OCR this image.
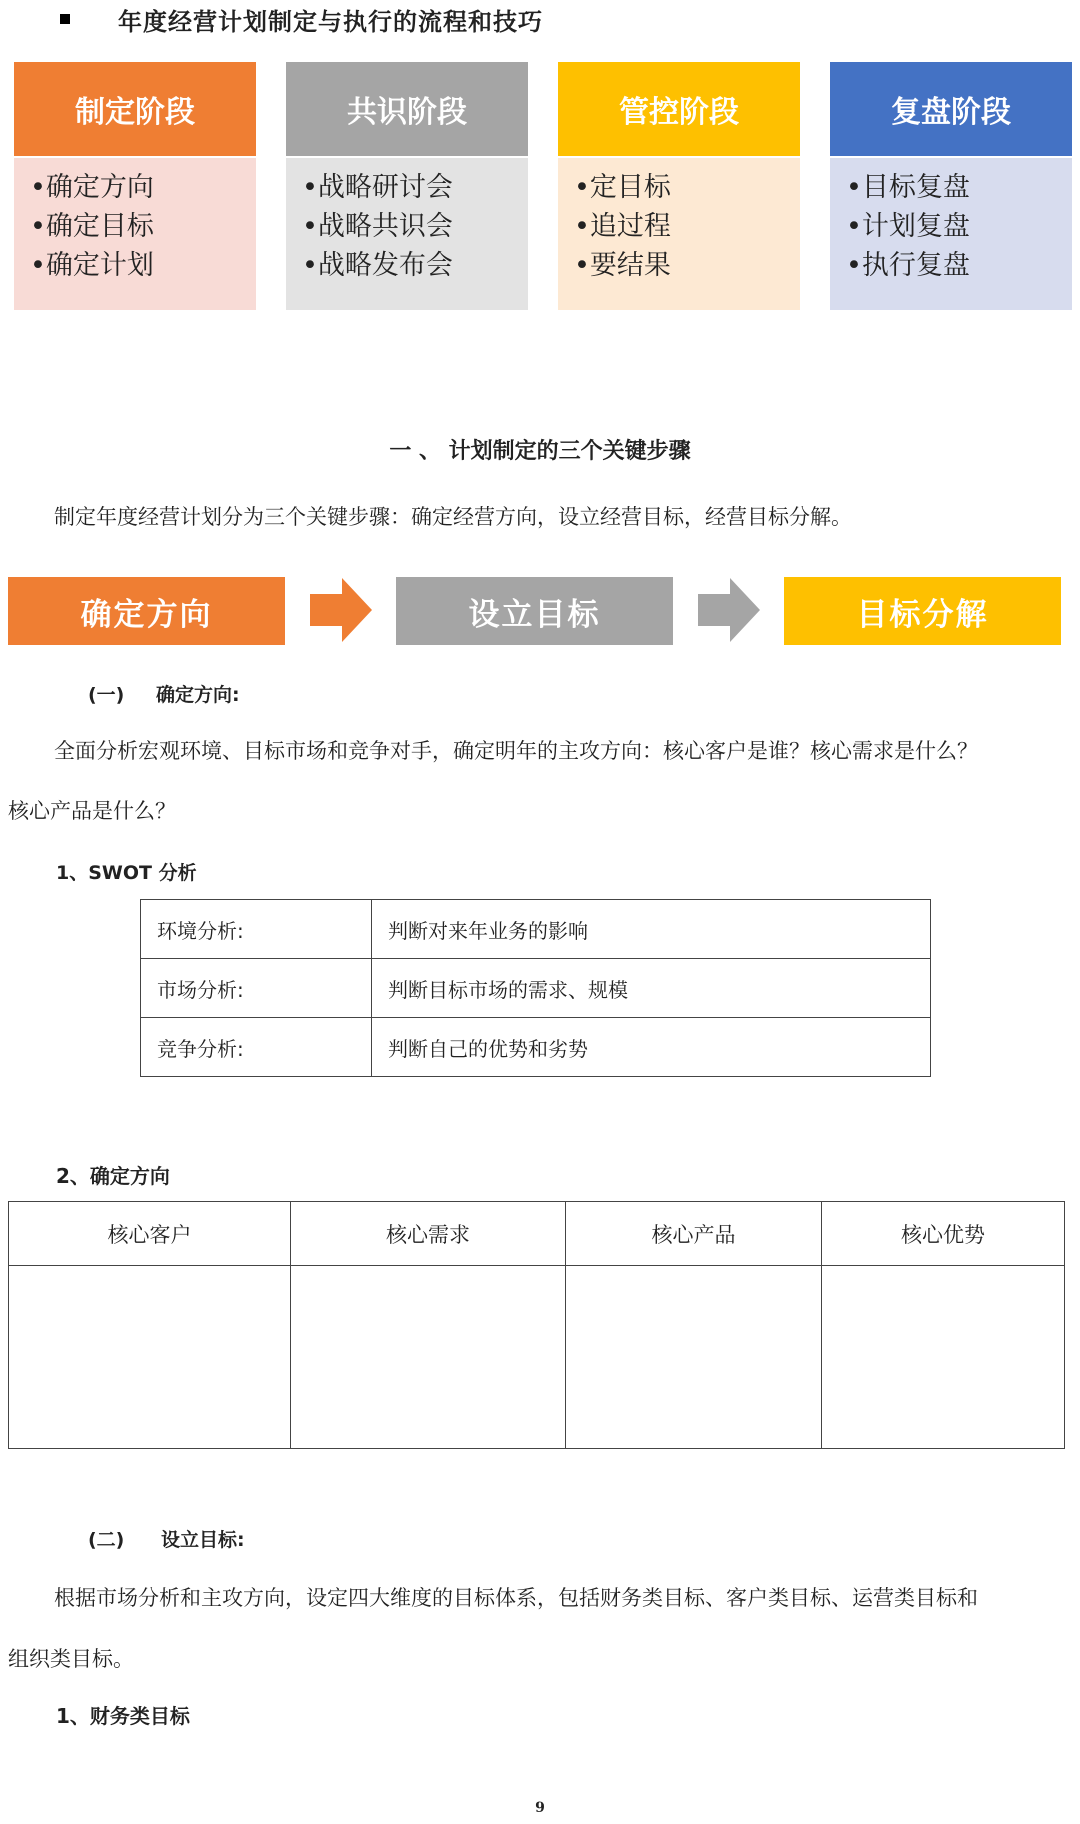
年度经营计划制定与执行的流程和技巧
制定阶段
•确定方向
•确定目标
•确定计划
共识阶段
•战略研讨会
•战略共识会
•战略发布会
管控阶段
•定目标
•追过程
•要结果
复盘阶段
•目标复盘
•计划复盘
•执行复盘
一 、 计划制定的三个关键步骤
制定年度经营计划分为三个关键步骤：确定经营方向，设立经营目标，经营目标分解。
确定方向	设立目标	目标分解
(一) 确定方向:
全面分析宏观环境、目标市场和竞争对手，确定明年的主攻方向：核心客户是谁？核心需求是什么？
核心产品是什么？
1、SWOT 分析
环境分析:	判断对来年业务的影响
市场分析:	判断目标市场的需求、规模
竞争分析:	判断自己的优势和劣势
2、确定方向
核心客户	核心需求	核心产品	核心优势

(二) 设立目标:
根据市场分析和主攻方向，设定四大维度的目标体系，包括财务类目标、客户类目标、运营类目标和
组织类目标。
1、财务类目标
9
